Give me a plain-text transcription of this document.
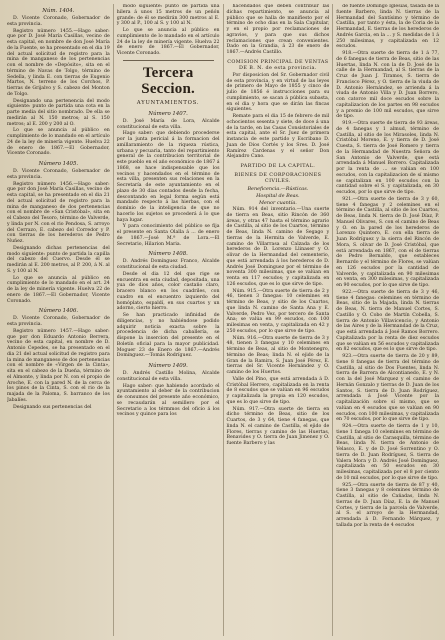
Núm. 1404.

D. Vicente Coronado, Gobernador de esta provincia.

Registro número 1455.—Hago saber: que por D. José María Casillas, vecino de esta capital, en nombre de don José María de la Fuente, se ha presentado en el dia 19 del actual solicitud de registro para la mina de manganeso de los pertenencias con el nombre de «Depósito», sita en el término de Navas de Tolgo, término de Sedella, y linda E. con tierras de Eugenio Martos, N. terreno de los Corchos, P. tierras de Grijalvo y S. cabezo del Monton de Tolgo.

Designando una pertenencia del modo siguiente: punto de partida una cota en la parte media del sitio nombrado. De ella se medirán al N. 150 metros; al S. 150 metros; al E. 200 y 200 al O.

Lo que se anuncia al público en cumplimiento de lo mandado en el artículo 24 de la ley de minería vigente. Huelva 22 de enero de 1867.—El Gobernador, Vicente Coronado.

Número 1405.

D. Vicente Coronado, Gobernador de esta provincia.

Registro número 1456.—Hago saber: que por don José María Casillas, vecino de esta capital, se ha presentado en el dia 21 del actual solicitud de registro para la mina de manganeso de dos pertenencias con el nombre de «San Cristóbal», sita en el Cabezo del Tesoro, término de Valverde, y linda por N. con el rio Pendosa, S. arroyo del Cerrazo, E. cabezo del Corredor y P. con tierras de los herederos de Pedro Nuñez.

Designando dichas pertenencias del modo siguiente: punto de partida la capilla del cabezo del Cuervo. Desde él se medirán al E. 200 metros, al P. 200, á N. al S. y 100 al N.

Lo que se anuncia al público en cumplimiento de lo mandado en el art. 24 de la ley de minería vigente. Huelva 22 de enero de 1867.—El Gobernador, Vicente Coronado.

Número 1406.

D. Vicente Coronado, Gobernador de esta provincia.

Registro número 1457.—Hago saber: que por don Eduardo Antonio Berrera, vecino de esta capital, en nombre de D. Antonio Cepedes, se ha presentado en el dia 21 del actual solicitud de registro para la mina de manganeso de dos pertenencias con el nombre de «Virgen de la Cinta», sita en el cabezo de la Dueña, término de el Almonte, y linda por N. con el propio de Aroche, E. con la pared N. de la cerca de los pinos de la Cinta, S. con el rio de la majada de la Paloma, S. barranco de los Jabalíes.

Designando sus pertenencias del

modo siguiente: punto de partida una hilera á unos 15 metros de un peñón grande: de él se medirán 300 metros al E. y 300 al P., 100 al S. y 100 al N.

Lo que se anuncia al público en cumplimiento de lo mandado en el artículo 24 de la ley de minería vigente. Huelva 22 de enero de 1867.—El Gobernador, Vicente Coronado.

Tercera Seccion.
AYUNTAMIENTOS.
Número 1407.

D. José María de Lora, Alcalde constitucional de esta villa.

Hago saber: que debiendo procederse por la junta pericial á la formacion del amillaramiento de la riqueza rústica, urbana y pecuaria, tanto del repartimiento general de la contribucion territorial de este pueblo en el año económico de 1867 á 1868, se hace indispensable que los vecinos y hacendados en el término de esta villa, presenten sus relaciones en la Secretaría de este ayuntamiento en el plazo de 30 dias contados desde la fecha, descontando en legal forma según está mandado respecto á las hierbas, con el dominio de la inteligencia de que no hacerlo los sujetos se procederá á lo que haya lugar.

Y para conocimiento del público se fija el presente en Santa Olalla á ... de enero de 1867.—José M.ª de Lora.—El Secretario, Hilarion Maria.

Número 1408.

D. Andrés Domínguez Franco, Alcalde constitucional de esta ciudad.

Desde el dia 12 del que rige se encuentra en esta ciudad, depositada, una yua de dios años, color castaño claro, bracero blanco en los cuadriles, con cuadro en el encuentro izquierdo del homóplato, espaldí, en sus cuartos y un adorno, cierto hierro.

Se han practicado infinidad de diligencias, y no habiéndose podido adquirir noticia exacta sobre la procedencia de dicha caballería, se dispone la insercion del presente en el Boletín oficial para la mayor publicidad. Moguer 23 de Enero de 1867.—Andrés Domínguez.—Tomás Rodríguez.

Número 1409.

D. Andrés Castillo Molina, Alcalde constitucional de esta villa.

Hago saber: que habiendo acordado el ayuntamiento al deber de la contribucion de consumos del presente año económico, se recaudarán al semillero por el Secretario a los térmmos del oficio á los vecinos y quince para los

hacendados que deben contribuir las dichas repartimiento, se anuncia al público que se halla de manifiesto por el término de ocho dias en la Sala Capitular, y en el propio por reclamaciones de agravios, y para que sus dichos reclamaciones que crean convenientes. Dado en la Grandia, á 23 de enero de 1867.—Andrés Castillo.

COMISION PRINCIPAL DE VENTAS DE B. N. de esta provincia.

Por disposicion del Sr. Gobernador civil de esta provincia, y en virtud de las leyes de primero de Mayo de 1855 y cinco de julio de 1856 é instrucciones para su cumplimiento, se sacan á pública subasta, en el dia y hora que se dirán las fincas siguientes.

Remate para el dia 15 de febrero de mil ochocientos sesenta y siete, de doce á una de la tarde, en las Casas Consistoriales de esta capital, ante el Sr. Juez de primera instancia de este partido y Escribano D. Juan de Dios Cortés y los Sres. D. José Ramírez Cardenas y el señor Don Alejandro Cano.

PARTIDO DE LA CAPITAL.
BIENES DE CORPORACIONES CIVILES.
Beneficencia.—Rústicas.
Hospital de Beas.
Menor cuantía.

Núm. 914 del inventario.—Una suerte de tierra en Beas, sitio Rincón de 360 áreas, y otras 47 hasta el término agrario de Castilla, al sitio de los Cuartos, término de Beas, linda N. camino de Segago y tierras de la Hermita de Valverde, E. camino de Villarrasa al Calzada de los herederos de D. Lorenzo Llinaser y O. olivar de la Hermandad del cementerio, que está arrendada á los herederos de D. Andrés José Dominguez por el término de noventa 300 milesimas, que se valúan en venta en 117 escudos; y capitalizada en 126 escudos, que es lo que sirve de tipo.

Núm. 915.—Otra suerte de tierra de 2 y 46, tienen 3 fanegas: 10 celemines en término de Beas, y sitio de los Cuartos, que linda N. camino de Santa Ana y E. Valverde, Pedro Vez, por tercero de Santa Ana; se valúa en 99 escudos, con 100 milesimas en venta, y capitalizada en 42 y 250 escudos, por lo que sirve de tipo.

Núm. 916.—Otra suerte de tierra de 3 y 48, tienen 3 fanegas y 10 celemines en término de Beas, al sitio de Montenegro, término de Beas; linda N. el ejido de la Gran de la Ramira, S. Juan José Pérez, E. tierras del Sr. Vicente Hernández y O. camino de los Huertos.

Valle del Pino, que está arrendada á D. Cristóbal Herrero, capitalizada en la renta de 8 escudos que se valúan en 96 escudos y capitalizada la propia en 120 escudos, que es lo que sirve de tipo.

Núm. 917.—Otra suerte de tierra en dicho término de Beas, sitio de los Cuartos, de 3 y 64, tiene 4 fanegas, que linda N. el camino de Castilla, el ejido de Flores, tierras y camino de las Huertas, Benavides y O. tierra de Juan Jimenez y O. fuente Barbero y las

de fuente Domingo Iglesias, tasada de la fuente Barbero, linda N. tierras de la Hermandad del Santísimo y término de Castilla, por tanto y ésta, la de Coria de la Hermandad, E. tierras de los herederos de Andrés Garcia, en la ... y S. medidas de 1 á 250 milesimas, y capitalizada en 12 escudos.

918.—Otra suerte de tierra de 1 á 77, de 6 fanegas de tierra de Beas, sitio de las Huertas, linda N. con la de D. José de la calle de la Hermandad, al S. tierras de la Cruz de Juan J. Tiramos, S. tierra de Francisco Pérez, y O. tierra de la viuda de D. Antonio Hernández, se arrienda á la viuda de Antonio Villa y D. Juan Borrero, con catorce mil doce escudos sobre la capitalizacion de los partes en 98 escudos y a premio de 100 mil escudos, que sirve de tipo.

919.—Otra suerte de tierra de 93 áreas, de 4 fanegas y 1 almud, término de Castilla, al sitio de los Mirasoles, linda N. Cristóbal Moreno, E. y tierra de D. José Cuesta, S. tierra de José Romero y tierra de la Hermandad de Nuestra Señora de San Antonio de Valverde, que está arrendada á Manuel Borrero. Capitalizada por la renta de ... se valúan en 100 escudos, con la capitalizacion de sí mismo se capitalizan en 100 escudos con la cantidad sobre el S. y capitalizada, en 30 escudos, por lo que sirve de tipo.

921.—Otra suerte de tierra de 3 y 60, tiene 4 fanegas y 2 celemines en el término de Castilla, al sitio de los Cuartos, de Beas, linda N. tierra de D. José Díaz, P. Manuel Olivares, S. con el camino de Beas y O. en la pared de los herederos de Lorenzo Quintero, E. con ella tierra de Juan Rodríguez y la sierra del Rincón de Mora, S. olivar de D. José Cristóbal, que está arrendada en 1867, con el de tierras de Pedro Bernaldo, que estableces Bernardo y el término de Flores, se valúan en 126 escudos por la cantidad de Valverde, y capitalizada en 90 milesimas en venta, en 300 milesimas, y capitalizada en 90 escudos, por lo que sirve de tipo.

922.—Otra suerte de tierra de 3 y 46, tiene 4 fanegas: celemines en término de Beas, sitio de la Majada, linda N. tierras de Beas, N. tierra de Manuel Cortes, S. Castillo y O. Cobo de Martín Cobella, S. tierra de Antonio Villavicencio, y Antonio de las Aires y de la Hermandad de la Cruz, que está arrendada á José Ramos Borrero. Capitalizada por la renta de diez escudos que se valúan en 56 escudos y capitalizada en 82 escudos, que es lo que sirve de tipo.

923.—Otra suerte de tierra de 20 y 89, tiene 8 fanegas de tierra del término de Castilla, al sitio de Dos Fuentes, linda N. tierra de Barrera de Alcontianedo, E. y N. con la del José Marquez y el camino de Hernán Gonzalo y tierras de D. Juan de los Santos, S. tierra de D. Juan Rodríguez, arrendada á José Vicente por la capitalización sobre sí mismo, que se valúan en 4 escudos que se valúan en 90 escudos, con 100 milesimas, y capitalizada en 70 escudos, por lo que sirve de tipo.

924.—Otra suerte de tierra de 1 y 10, tiene 1 fanega 10 celemines en término de Castilla, al sitio de Carasquilla, término de Beas, linda N. tierra de Antonio de Velasco, E. y de D. José Sorrentino y O. tierra de D. Juan Rodríguez, S. tierra de Valera Mora y D. Andrés José Domínguez, capitalizada en 50 escudos en 30 milesimas, capitalizada por el 8 por ciento de 10 mil escudos, por lo que sirve de tipo.

925.—Otra suerte de tierra de 87 y 40, tiene 3 fanegas y 8 celemines término de Castilla, al sitio de Cañadas, linda N. tierras de D. Juan Díaz, E. la de Manuel Cortes, y tierra de la parcela de Valverde, al S. el arroyo de la Hermandad, arrendada á D. Fernando Márquez, y tallada por la renta de 4 escudos
